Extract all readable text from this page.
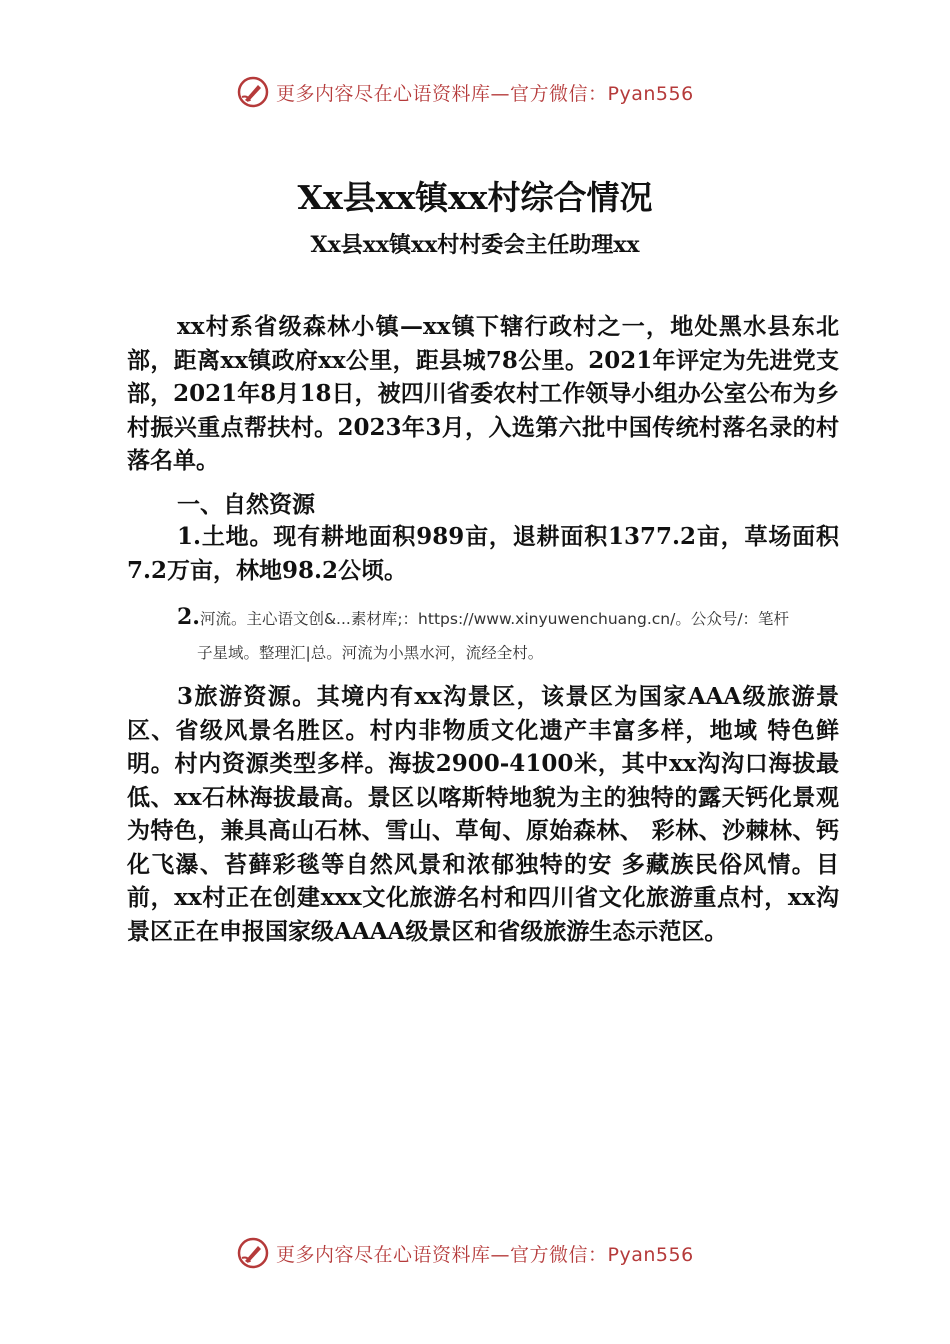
更多内容尽在心语资料库—官方微信：Pyan556
Xx县xx镇xx村综合情况
Xx县xx镇xx村村委会主任助理xx

xx村系省级森林小镇—xx镇下辖行政村之一，地处黑水县东北部，距离xx镇政府xx公里，距县城78公里。2021年评定为先进党支部，2021年8月18日，被四川省委农村工作领导小组办公室公布为乡村振兴重点帮扶村。2023年3月，入选第六批中国传统村落名录的村落名单。

一、自然资源

1.土地。现有耕地面积989亩，退耕面积1377.2亩，草场面积7.2万亩，林地98.2公顷。

2.河流。主心语文创&...素材库;：https://www.xinyuwenchuang.cn/。公众号/：笔杆
子星域。整理汇|总。河流为小黑水河，流经全村。

3旅游资源。其境内有xx沟景区，该景区为国家AAA级旅游景区、省级风景名胜区。村内非物质文化遗产丰富多样，地域 特色鲜明。村内资源类型多样。海拔2900-4100米，其中xx沟沟口海拔最低、xx石林海拔最高。景区以喀斯特地貌为主的独特的露天钙化景观为特色，兼具高山石林、雪山、草甸、原始森林、 彩林、沙棘林、钙化飞瀑、苔藓彩毯等自然风景和浓郁独特的安 多藏族民俗风情。目前，xx村正在创建xxx文化旅游名村和四川省文化旅游重点村，xx沟景区正在申报国家级AAAA级景区和省级旅游生态示范区。

更多内容尽在心语资料库—官方微信：Pyan556
